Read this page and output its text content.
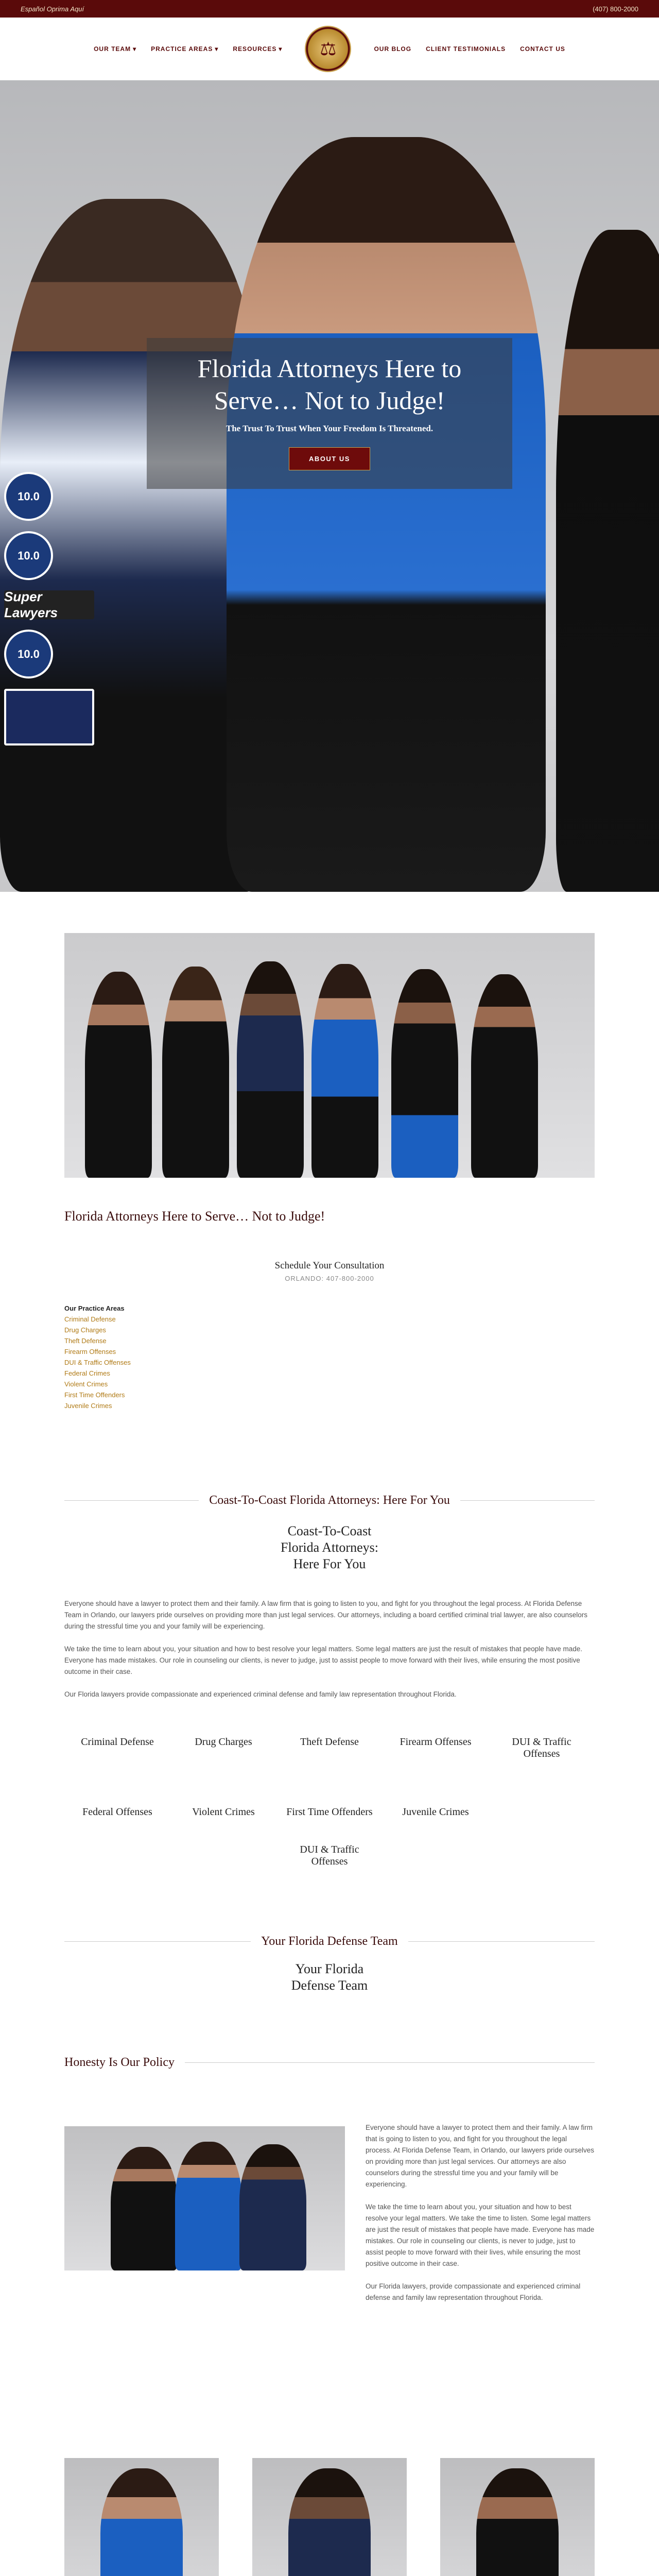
Español Oprima Aquí	(407) 800-2000
OUR TEAM ▾ PRACTICE AREAS ▾ RESOURCES ▾ ⚖	OUR BLOG CLIENT TESTIMONIALS CONTACT US
Florida Attorneys Here to Serve… Not to Judge!
The Trust To Trust When Your Freedom Is Threatened.
ABOUT US
10.0
10.0
Super Lawyers
10.0
Florida Attorneys Here to Serve… Not to Judge!
Schedule Your Consultation
ORLANDO: 407-800-2000
Our Practice Areas
Criminal Defense
Drug Charges
Theft Defense
Firearm Offenses
DUI & Traffic Offenses
Federal Crimes
Violent Crimes
First Time Offenders
Juvenile Crimes
Coast-To-Coast Florida Attorneys: Here For You
Coast-To-Coast
Florida Attorneys:
Here For You

Everyone should have a lawyer to protect them and their family. A law firm that is going to listen to you, and fight for you throughout the legal process. At Florida Defense Team in Orlando, our lawyers pride ourselves on providing more than just legal services. Our attorneys, including a board certified criminal trial lawyer, are also counselors during the stressful time you and your family will be experiencing.

We take the time to learn about you, your situation and how to best resolve your legal matters. Some legal matters are just the result of mistakes that people have made. Everyone has made mistakes. Our role in counseling our clients, is never to judge, just to assist people to move forward with their lives, while ensuring the most positive outcome in their case.

Our Florida lawyers provide compassionate and experienced criminal defense and family law representation throughout Florida.

Criminal Defense	Drug Charges	Theft Defense	Firearm Offenses	DUI & Traffic Offenses
Federal Offenses	Violent Crimes	First Time Offenders
DUI & Traffic Offenses
Juvenile Crimes
Your Florida Defense Team
Your Florida
Defense Team
Honesty Is Our Policy

Everyone should have a lawyer to protect them and their family. A law firm that is going to listen to you, and fight for you throughout the legal process. At Florida Defense Team, in Orlando, our lawyers pride ourselves on providing more than just legal services. Our attorneys are also counselors during the stressful time you and your family will be experiencing.

We take the time to learn about you, your situation and how to best resolve your legal matters. We take the time to listen. Some legal matters are just the result of mistakes that people have made. Everyone has made mistakes. Our role in counseling our clients, is never to judge, just to assist people to move forward with their lives, while ensuring the most positive outcome in their case.

Our Florida lawyers, provide compassionate and experienced criminal defense and family law representation throughout Florida.
